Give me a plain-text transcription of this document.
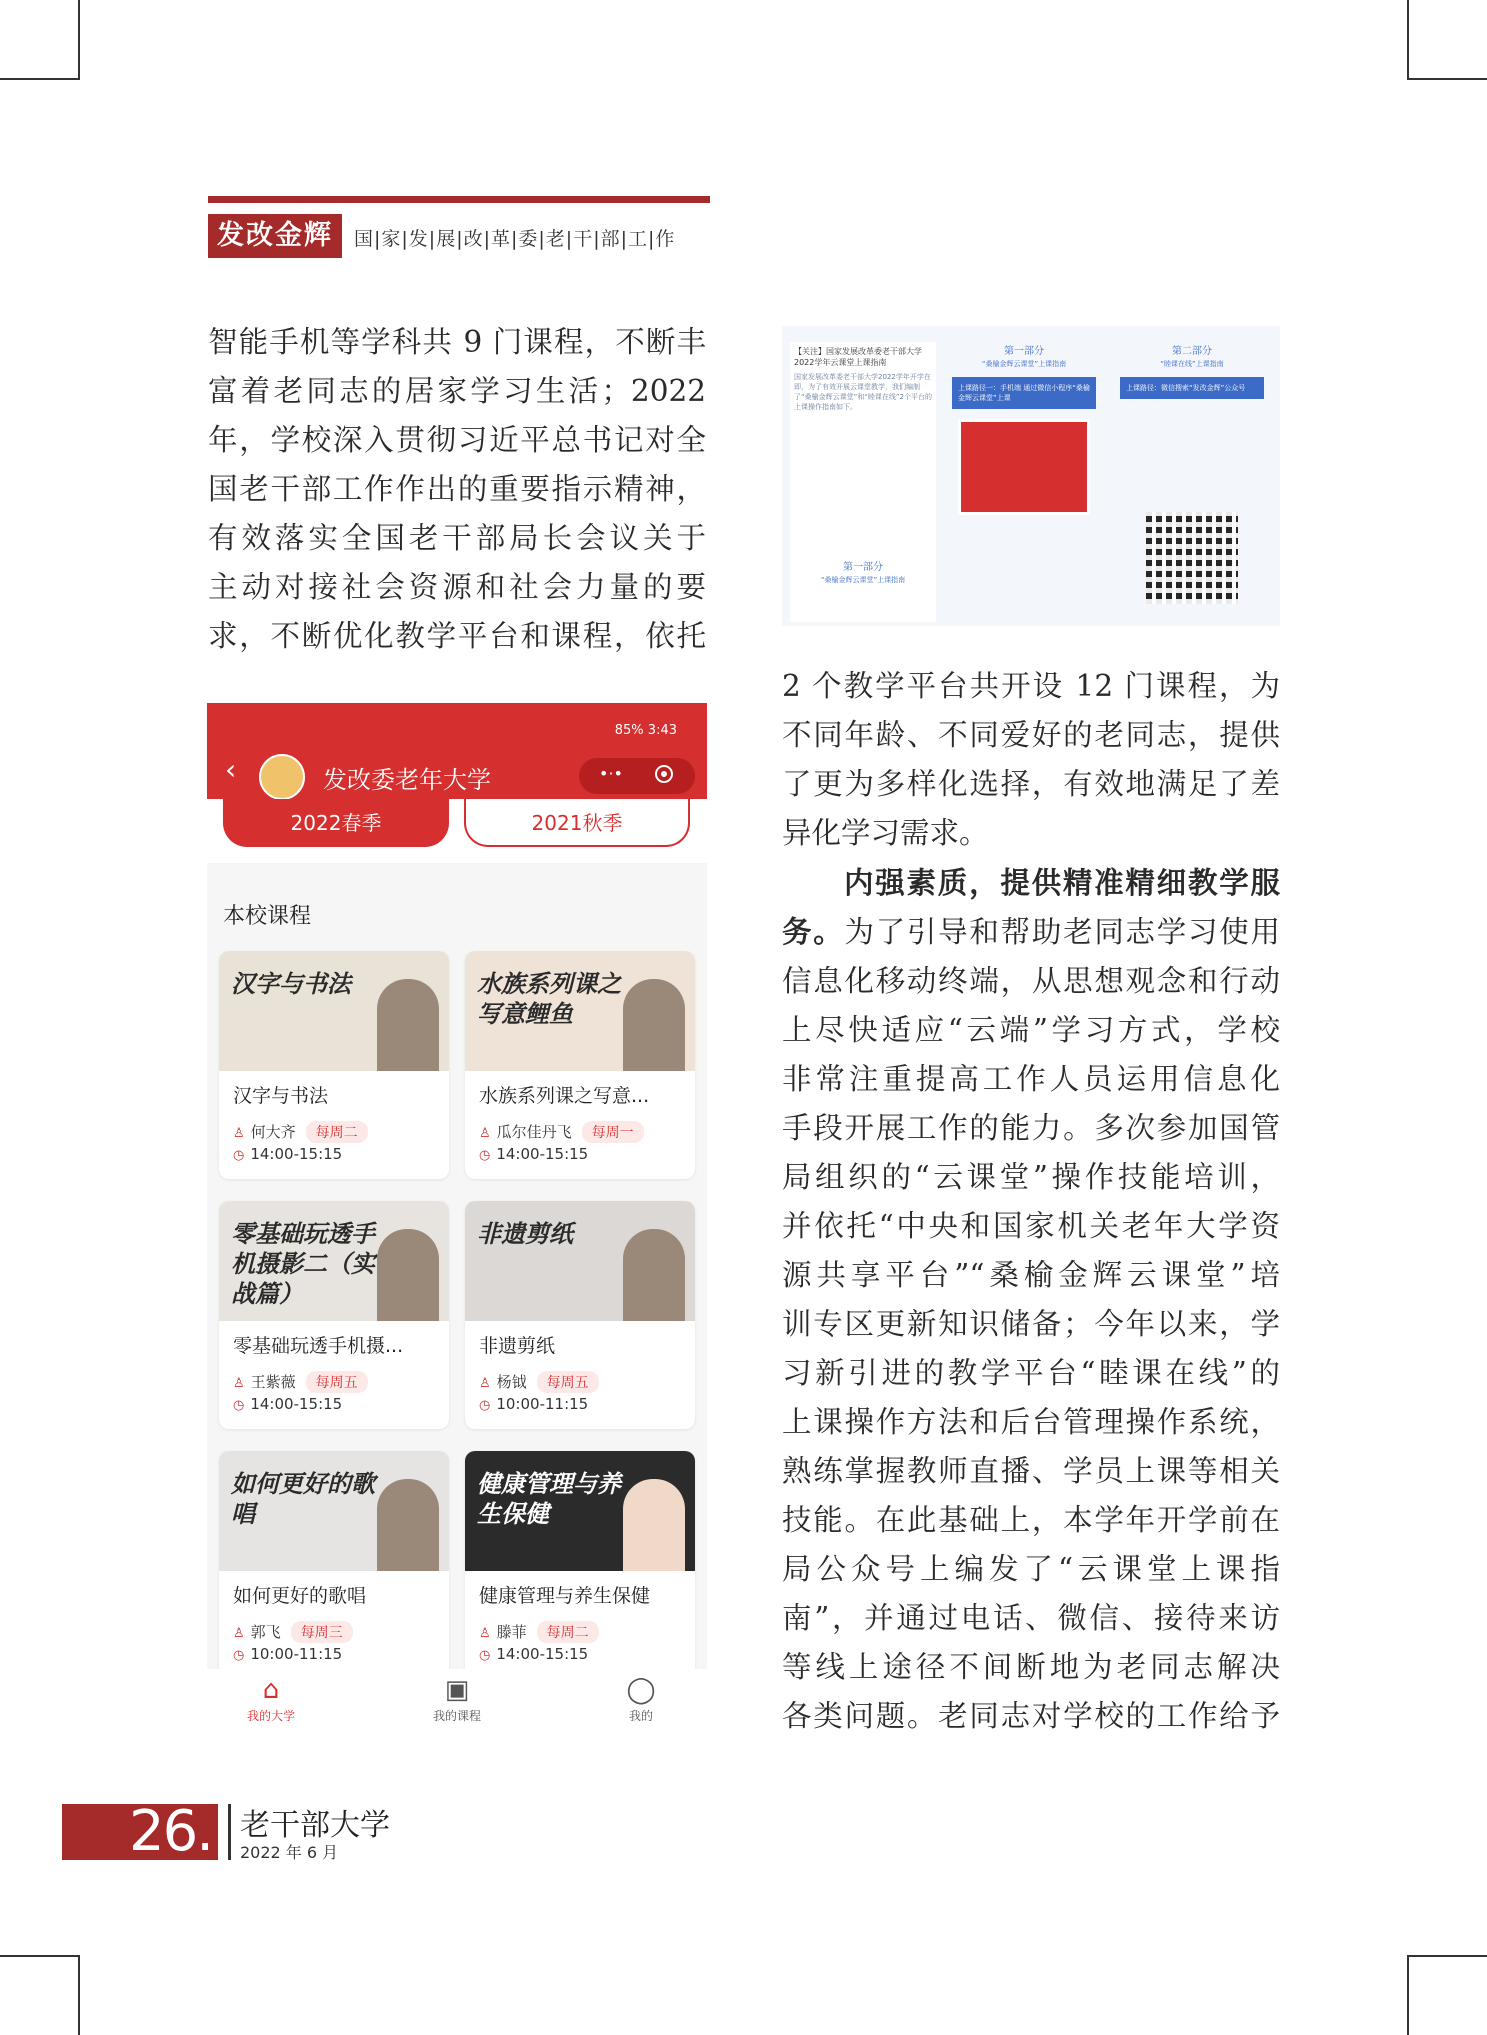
发改金辉	国|家|发|展|改|革|委|老|干|部|工|作
智能手机等学科共 9 门课程，不断丰
富着老同志的居家学习生活；2022
年，学校深入贯彻习近平总书记对全
国老干部工作作出的重要指示精神，
有效落实全国老干部局长会议关于
主动对接社会资源和社会力量的要
求，不断优化教学平台和课程，依托
【关注】国家发展改革委老干部大学2022学年云课堂上课指南
国家发展改革委老干部大学2022学年开学在即，为了有效开展云课堂教学，我们编制了“桑榆金辉云课堂”和“睦课在线”2个平台的上课操作指南如下。
第一部分
“桑榆金辉云课堂”上课指南
上课路径一：手机端 通过微信小程序“桑榆金辉云课堂”上课
第二部分
“睦课在线”上课指南
上课路径：微信搜索“发改金辉”公众号
第一部分
“桑榆金辉云课堂”上课指南
2 个教学平台共开设 12 门课程，为
不同年龄、不同爱好的老同志，提供
了更为多样化选择，有效地满足了差
异化学习需求。
内强素质，提供精准精细教学服
务。为了引导和帮助老同志学习使用
信息化移动终端，从思想观念和行动
上尽快适应“云端”学习方式，学校
非常注重提高工作人员运用信息化
手段开展工作的能力。多次参加国管
局组织的“云课堂”操作技能培训，
并依托“中央和国家机关老年大学资
源共享平台”“桑榆金辉云课堂”培
训专区更新知识储备；今年以来，学
习新引进的教学平台“睦课在线”的
上课操作方法和后台管理操作系统，
熟练掌握教师直播、学员上课等相关
技能。在此基础上，本学年开学前在
局公众号上编发了“云课堂上课指
南”，并通过电话、微信、接待来访
等线上途径不间断地为老同志解决
各类问题。老同志对学校的工作给予
85% 3:43
‹	发改委老年大学	•·•
2022春季	2021秋季
本校课程
汉字与书法
汉字与书法
♙ 何大齐 每周二
◷ 14:00-15:15
水族系列课之写意鲤鱼
水族系列课之写意...
♙ 瓜尔佳丹飞 每周一
◷ 14:00-15:15
零基础玩透手机摄影二（实战篇）
零基础玩透手机摄...
♙ 王紫薇 每周五
◷ 14:00-15:15
非遗剪纸
非遗剪纸
♙ 杨钺 每周五
◷ 10:00-11:15
如何更好的歌唱
如何更好的歌唱
♙ 郭飞 每周三
◷ 10:00-11:15
健康管理与养生保健
健康管理与养生保健
♙ 滕菲 每周二
◷ 14:00-15:15
⌂
我的大学
▣
我的课程
◯
我的
26. 老干部大学
2022 年 6 月
